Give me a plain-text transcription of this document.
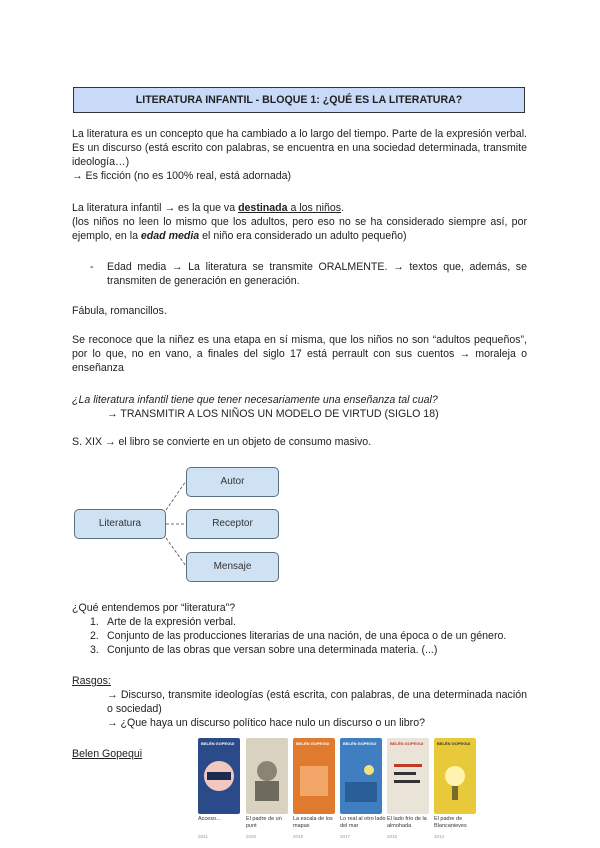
LITERATURA INFANTIL - BLOQUE 1: ¿QUÉ ES LA LITERATURA?

La literatura es un concepto que ha cambiado a lo largo del tiempo. Parte de la expresión verbal. Es un discurso (está escrito con palabras, se encuentra en una sociedad determinada, transmite ideología…)

→ Es ficción (no es 100% real, está adornada)

La literatura infantil → es la que va destinada a los niños.

(los niños no leen lo mismo que los adultos, pero eso no se ha considerado siempre así, por ejemplo, en la edad media el niño era considerado un adulto pequeño)

- Edad media → La literatura se transmite ORALMENTE. → textos que, además, se transmiten de generación en generación.
Fábula, romancillos.
Se reconoce que la niñez es una etapa en sí misma, que los niños no son “adultos pequeños”, por lo que, no en vano, a finales del siglo 17 está perrault con sus cuentos → moraleja o enseñanza

¿La literatura infantil tiene que tener necesariamente una enseñanza tal cual?

→ TRANSMITIR A LOS NIÑOS UN MODELO DE VIRTUD (SIGLO 18)

S. XIX → el libro se convierte en un objeto de consumo masivo.
Literatura
Autor
Receptor
Mensaje

¿Qué entendemos por “literatura”?

1. Arte de la expresión verbal.
2. Conjunto de las producciones literarias de una nación, de una época o de un género.
3. Conjunto de las obras que versan sobre una determinada materia. (...)

Rasgos:

→ Discurso, transmite ideologías (está escrita, con palabras, de una determinada nación o sociedad)

→ ¿Que haya un discurso político hace nulo un discurso o un libro?

Belen Gopequi
BELÉN GOPEGUI	BELÉN GOPEGUI	BELÉN GOPEGUI	BELÉN GOPEGUI	BELÉN GOPEGUI
Acceso...	El padre de un punt
La escala de los mapas
Lo real al otro lado del mar
El lado frío de la almohada
El padre de Blancanieves
2021	2020	2019	2017	2015	2014
